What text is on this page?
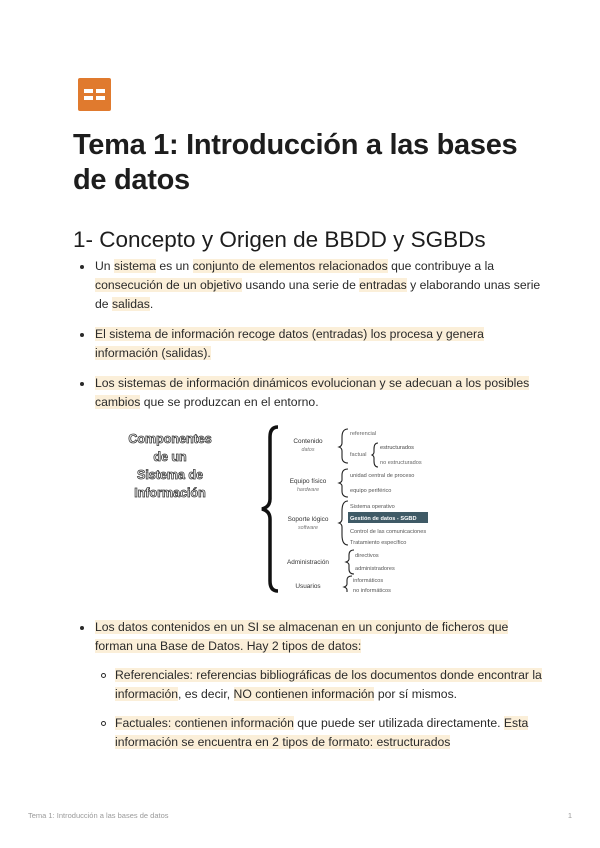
Tema 1: Introducción a las bases de datos
1- Concepto y Origen de BBDD y SGBDs
Un sistema es un conjunto de elementos relacionados que contribuye a la consecución de un objetivo usando una serie de entradas y elaborando unas serie de salidas.
El sistema de información recoge datos (entradas) los procesa y genera información (salidas).
Los sistemas de información dinámicos evolucionan y se adecuan a los posibles cambios que se produzcan en el entorno.
Componentes
de un
Sistema de
Información
Contenido
datos
referencial
factual
estructurados
no estructurados
Equipo físico
hardware
unidad central de proceso
equipo periférico
Soporte lógico
software
Sistema operativo
Gestión de datos - SGBD
Control de las comunicaciones
Tratamiento específico
Administración
directivos
administradores
Usuarios
informáticos
no informáticos
Los datos contenidos en un SI se almacenan en un conjunto de ficheros que forman una Base de Datos. Hay 2 tipos de datos:
Referenciales: referencias bibliográficas de los documentos donde encontrar la información, es decir, NO contienen información por sí mismos.
Factuales: contienen información que puede ser utilizada directamente. Esta información se encuentra en 2 tipos de formato: estructurados
Tema 1: Introducción a las bases de datos	1
